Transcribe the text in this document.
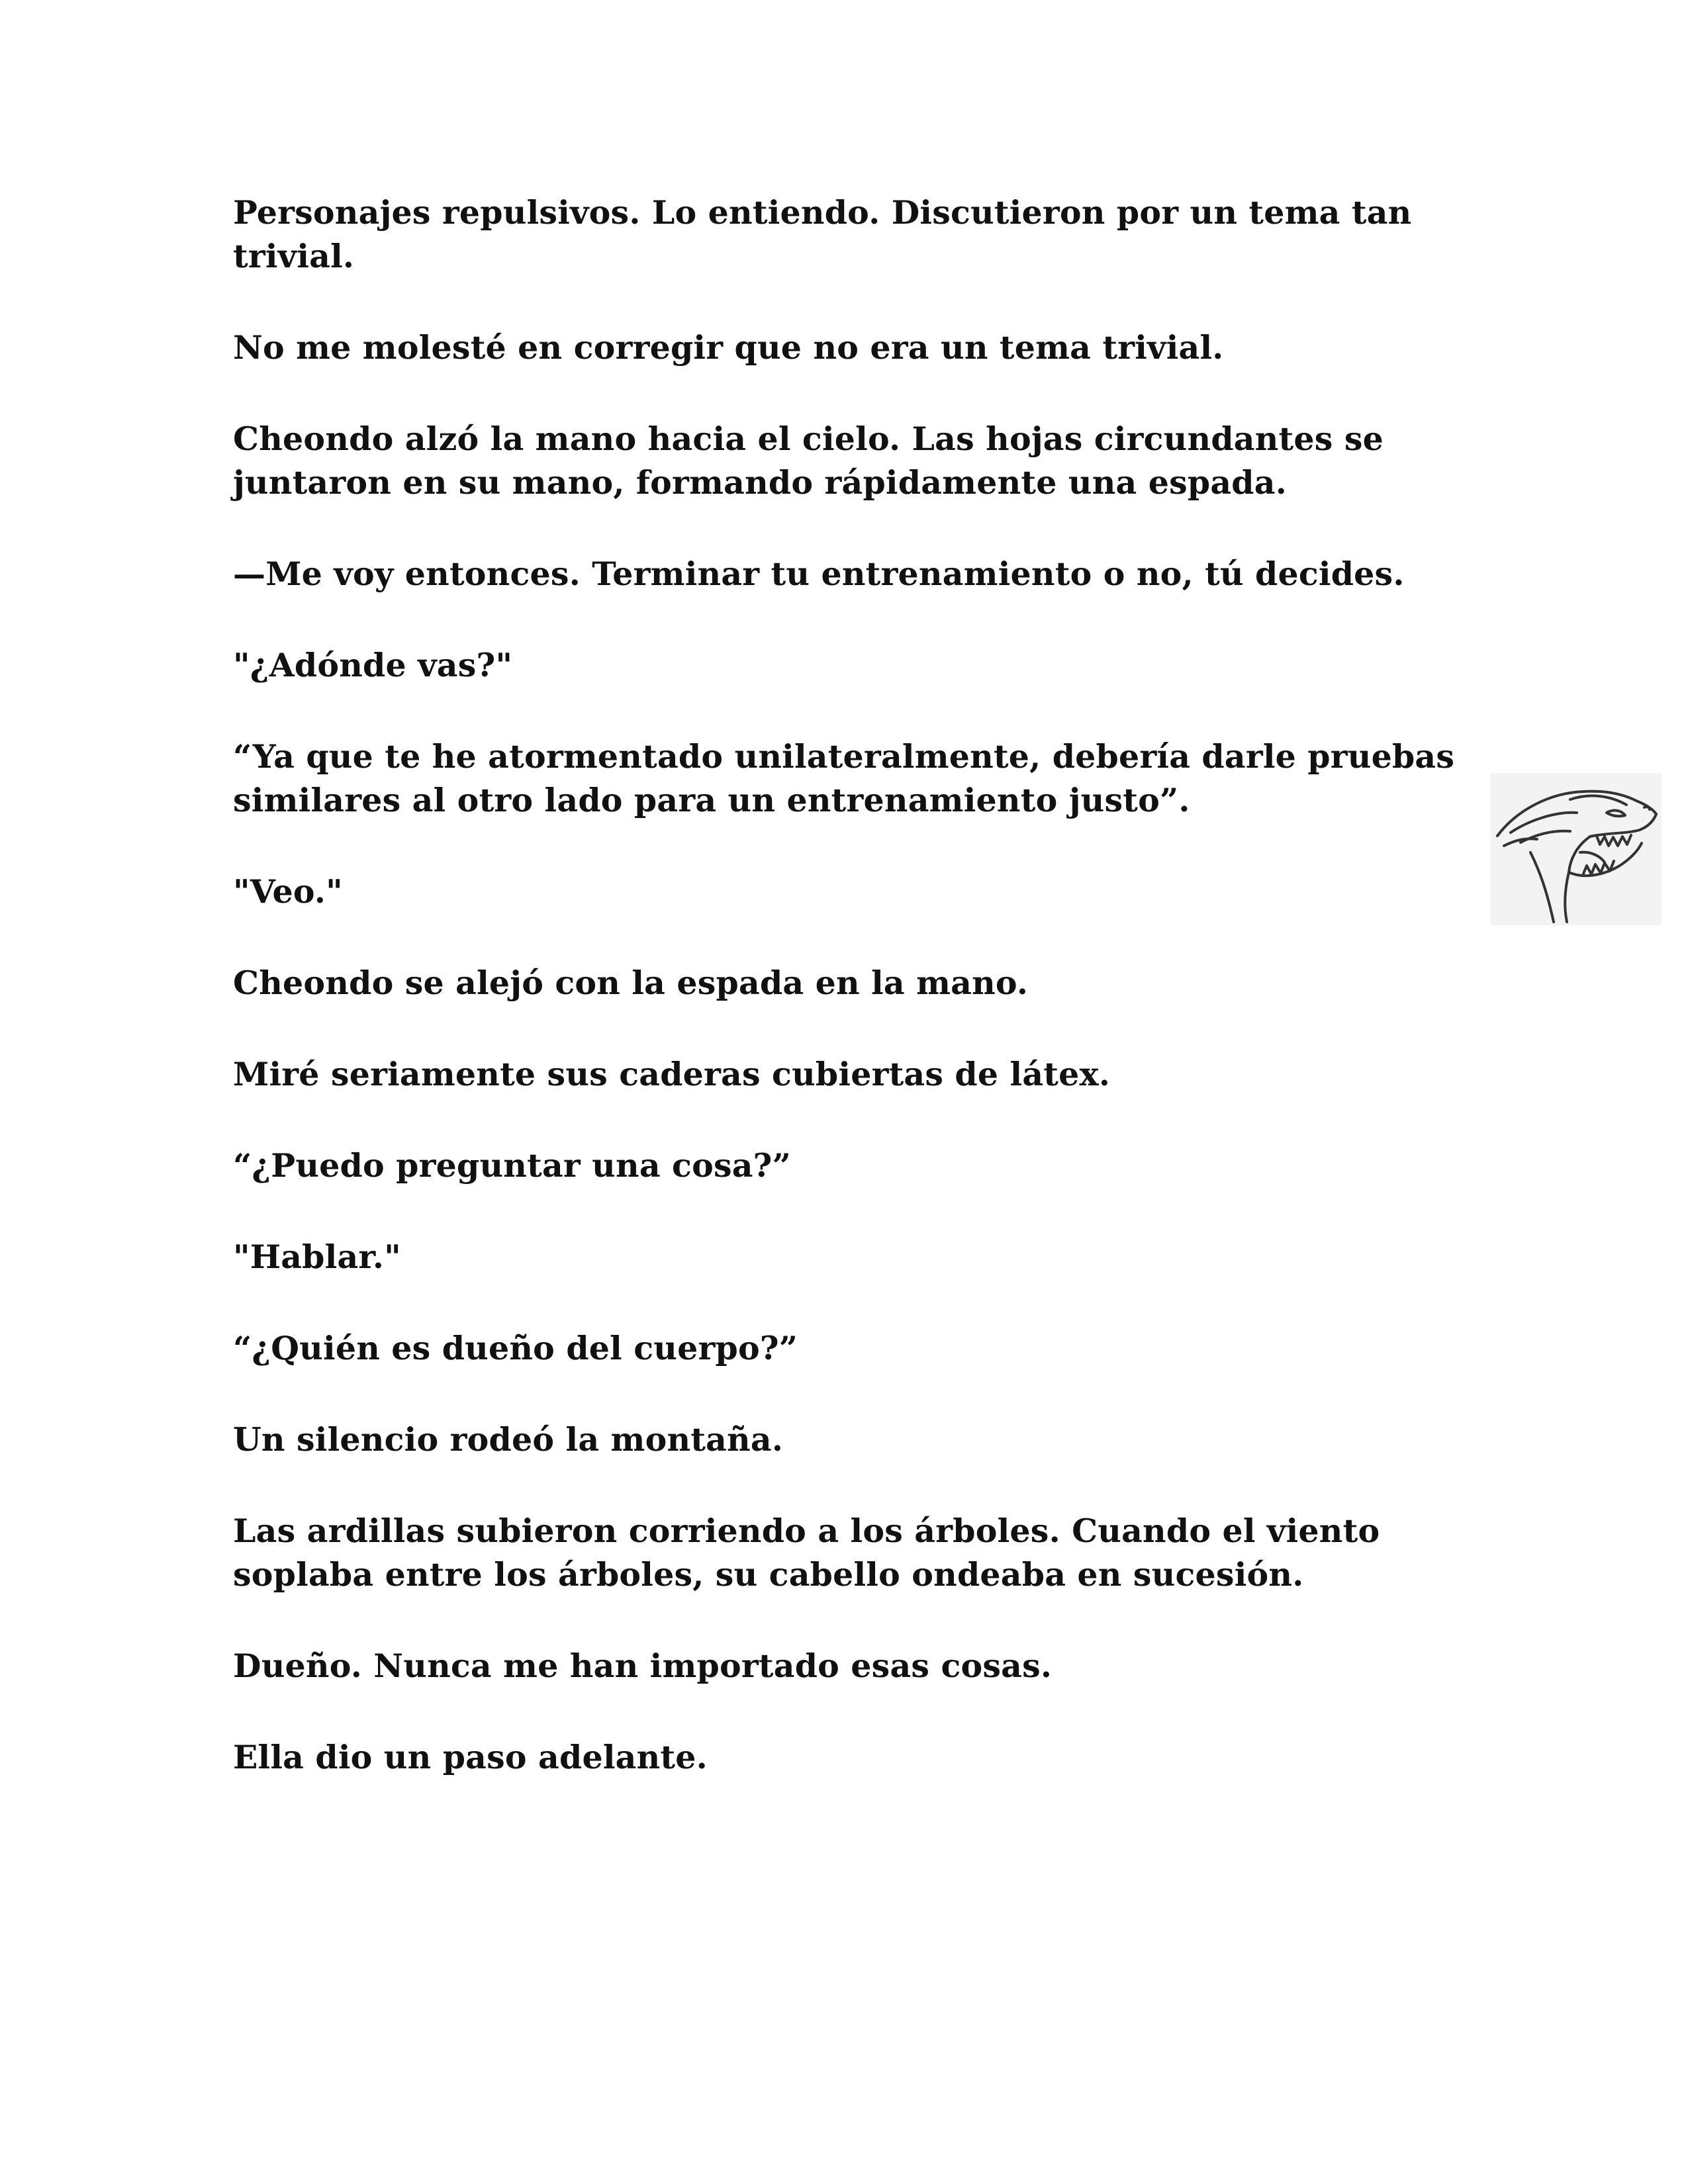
Personajes repulsivos. Lo entiendo. Discutieron por un tema tan trivial.

No me molesté en corregir que no era un tema trivial.

Cheondo alzó la mano hacia el cielo. Las hojas circundantes se juntaron en su mano, formando rápidamente una espada.

—Me voy entonces. Terminar tu entrenamiento o no, tú decides.

"¿Adónde vas?"

“Ya que te he atormentado unilateralmente, debería darle pruebas similares al otro lado para un entrenamiento justo”.

"Veo."

Cheondo se alejó con la espada en la mano.

Miré seriamente sus caderas cubiertas de látex.

“¿Puedo preguntar una cosa?”

"Hablar."

“¿Quién es dueño del cuerpo?”

Un silencio rodeó la montaña.

Las ardillas subieron corriendo a los árboles. Cuando el viento soplaba entre los árboles, su cabello ondeaba en sucesión.

Dueño. Nunca me han importado esas cosas.

Ella dio un paso adelante.
